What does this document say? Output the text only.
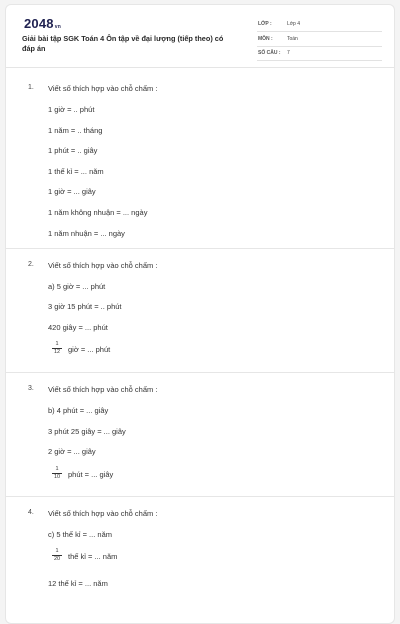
2048vn
Giải bài tập SGK Toán 4 Ôn tập về đại lượng (tiếp theo) có đáp án
LỚP :	Lớp 4
MÔN :	Toán
SỐ CÂU : 7
1. Viết số thích hợp vào chỗ chấm :
1 giờ = .. phút
1 năm = .. tháng
1 phút = .. giây
1 thế kỉ = ... năm
1 giờ = ... giây
1 năm không nhuận = ... ngày
1 năm nhuận = ... ngày
2. Viết số thích hợp vào chỗ chấm :
a) 5 giờ = ... phút
3 giờ 15 phút = .. phút
420 giây = ... phút
$\frac{1}{12}$ giờ = ... phút
3. Viết số thích hợp vào chỗ chấm :
b) 4 phút = ... giây
3 phút 25 giây = ... giây
2 giờ = ... giây
$\frac{1}{10}$ phút = ... giây
4. Viết số thích hợp vào chỗ chấm :
c) 5 thế kỉ = ... năm
$\frac{1}{20}$ thế kỉ = ... năm
12 thế kỉ = ... năm
